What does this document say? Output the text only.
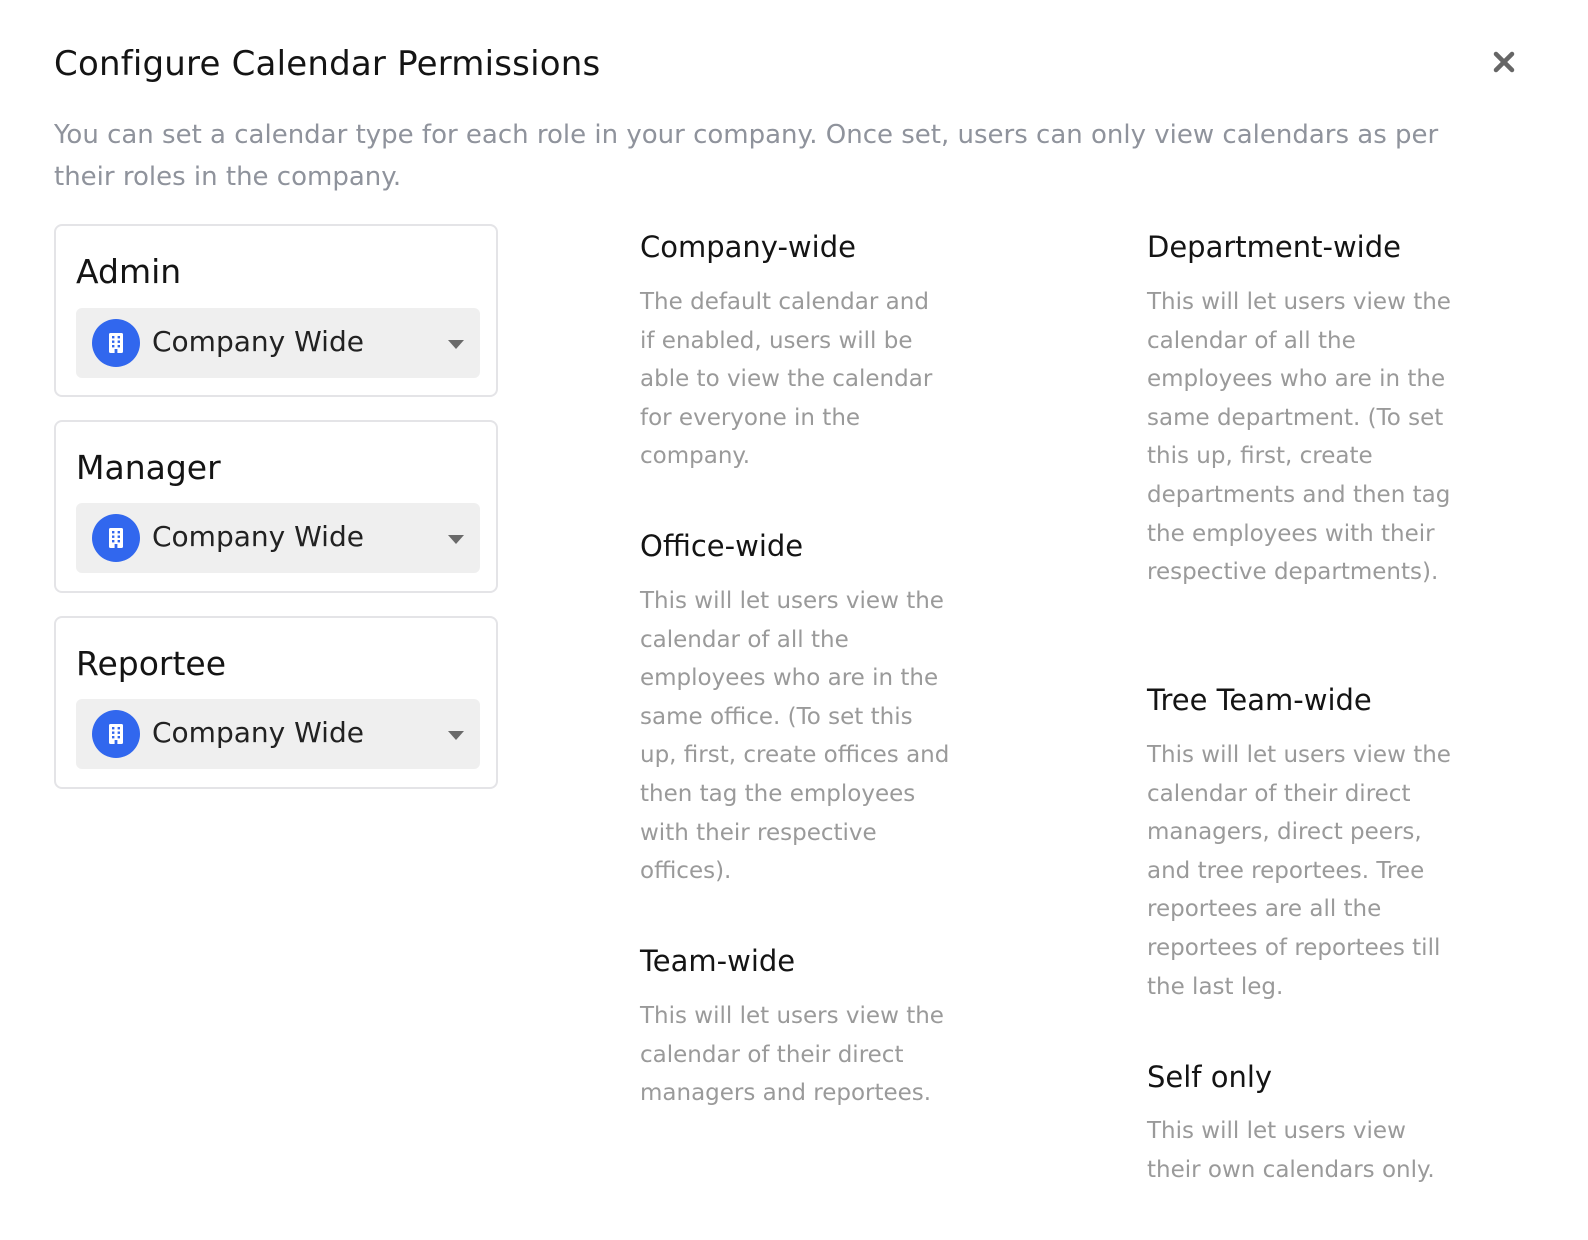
Configure Calendar Permissions
You can set a calendar type for each role in your company. Once set, users can only view calendars as per their roles in the company.
Admin
Company Wide
Manager
Company Wide
Reportee
Company Wide
Company-wide
The default calendar and if enabled, users will be able to view the calendar for everyone in the company.
Office-wide
This will let users view the calendar of all the employees who are in the same office. (To set this up, first, create offices and then tag the employees with their respective offices).
Team-wide
This will let users view the calendar of their direct managers and reportees.
Department-wide
This will let users view the calendar of all the employees who are in the same department. (To set this up, first, create departments and then tag the employees with their respective departments).
Tree Team-wide
This will let users view the calendar of their direct managers, direct peers, and tree reportees. Tree reportees are all the reportees of reportees till the last leg.
Self only
This will let users view their own calendars only.
